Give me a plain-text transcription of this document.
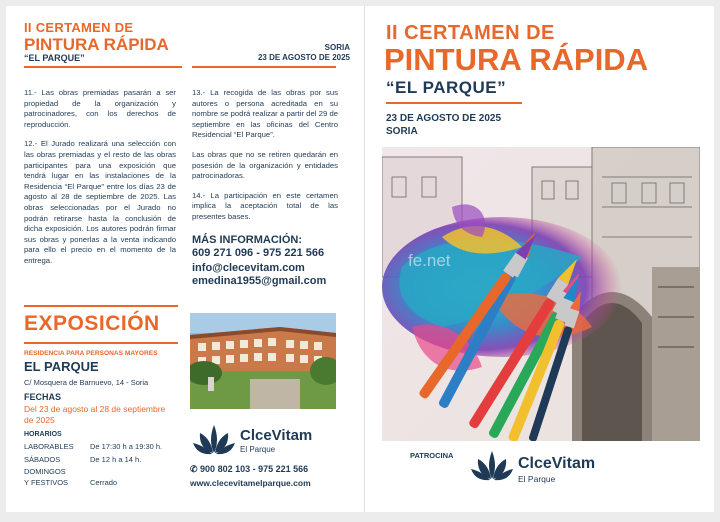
II CERTAMEN DE
PINTURA RÁPIDA
“EL PARQUE”
SORIA
23 DE AGOSTO DE 2025

11.- Las obras premiadas pasarán a ser propiedad de la organización y patrocinadores, con los derechos de reproducción.

12.- El Jurado realizará una selección con las obras premiadas y el resto de las obras participantes para una exposición que tendrá lugar en las instalaciones de la Residencia “El Parque” entre los días 23 de agosto al 28 de septiembre de 2025. Las obras seleccionadas por el Jurado no podrán retirarse hasta la conclusión de dicha exposición. Los autores podrán firmar sus obras y ponerlas a la venta indicando para ello el precio en el momento de la entrega.

13.- La recogida de las obras por sus autores o persona acreditada en su nombre se podrá realizar a partir del 29 de septiembre en las oficinas del Centro Residencial “El Parque”.

Las obras que no se retiren quedarán en posesión de la organización y entidades patrocinadoras.

14.- La participación en este certamen implica la aceptación total de las presentes bases.

MÁS INFORMACIÓN:
609 271 096 - 975 221 566
info@clecevitam.com
emedina1955@gmail.com
EXPOSICIÓN
RESIDENCIA PARA PERSONAS MAYORES
EL PARQUE
C/ Mosquera de Barnuevo, 14 - Soria
FECHAS
Del 23 de agosto al 28 de septiembre de 2025
HORARIOS
LABORABLES De 17:30 h a 19:30 h.
SÁBADOS	De 12 h a 14 h.
DOMINGOS
Y FESTIVOS	Cerrado
ClceVitam
El Parque
✆ 900 802 103 - 975 221 566
www.clecevitamelparque.com
II CERTAMEN DE
PINTURA RÁPIDA
“EL PARQUE”
23 DE AGOSTO DE 2025
SORIA
fe.net
PATROCINA	ClceVitam
El Parque
